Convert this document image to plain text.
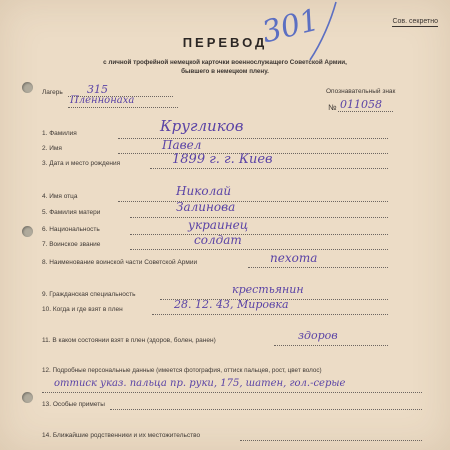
Сов. секретно
301
ПЕРЕВОД
с личной трофейной немецкой карточки военнослужащего Советской Армии,
бывшего в немецком плену.
Лагерь 315
Пленнонаха
Опознавательный знак
№ 011058
1. Фамилия	Кругликов
2. Имя	Павел
3. Дата и место рождения	1899 г. г. Киев
4. Имя отца	Николай
5. Фамилия матери	Залинова
6. Национальность	украинец
7. Воинское звание	солдат
8. Наименование воинской части Советской Армии	пехота
9. Гражданская специальность	крестьянин
10. Когда и где взят в плен	28. 12. 43, Мировка
11. В каком состоянии взят в плен (здоров, болен, ранен)	здоров
12. Подробные персональные данные (имеется фотография, оттиск пальцев, рост, цвет волос)
оттиск указ. пальца пр. руки, 175, шатен, гол.-серые
13. Особые приметы
14. Ближайшие родственники и их местожительство
